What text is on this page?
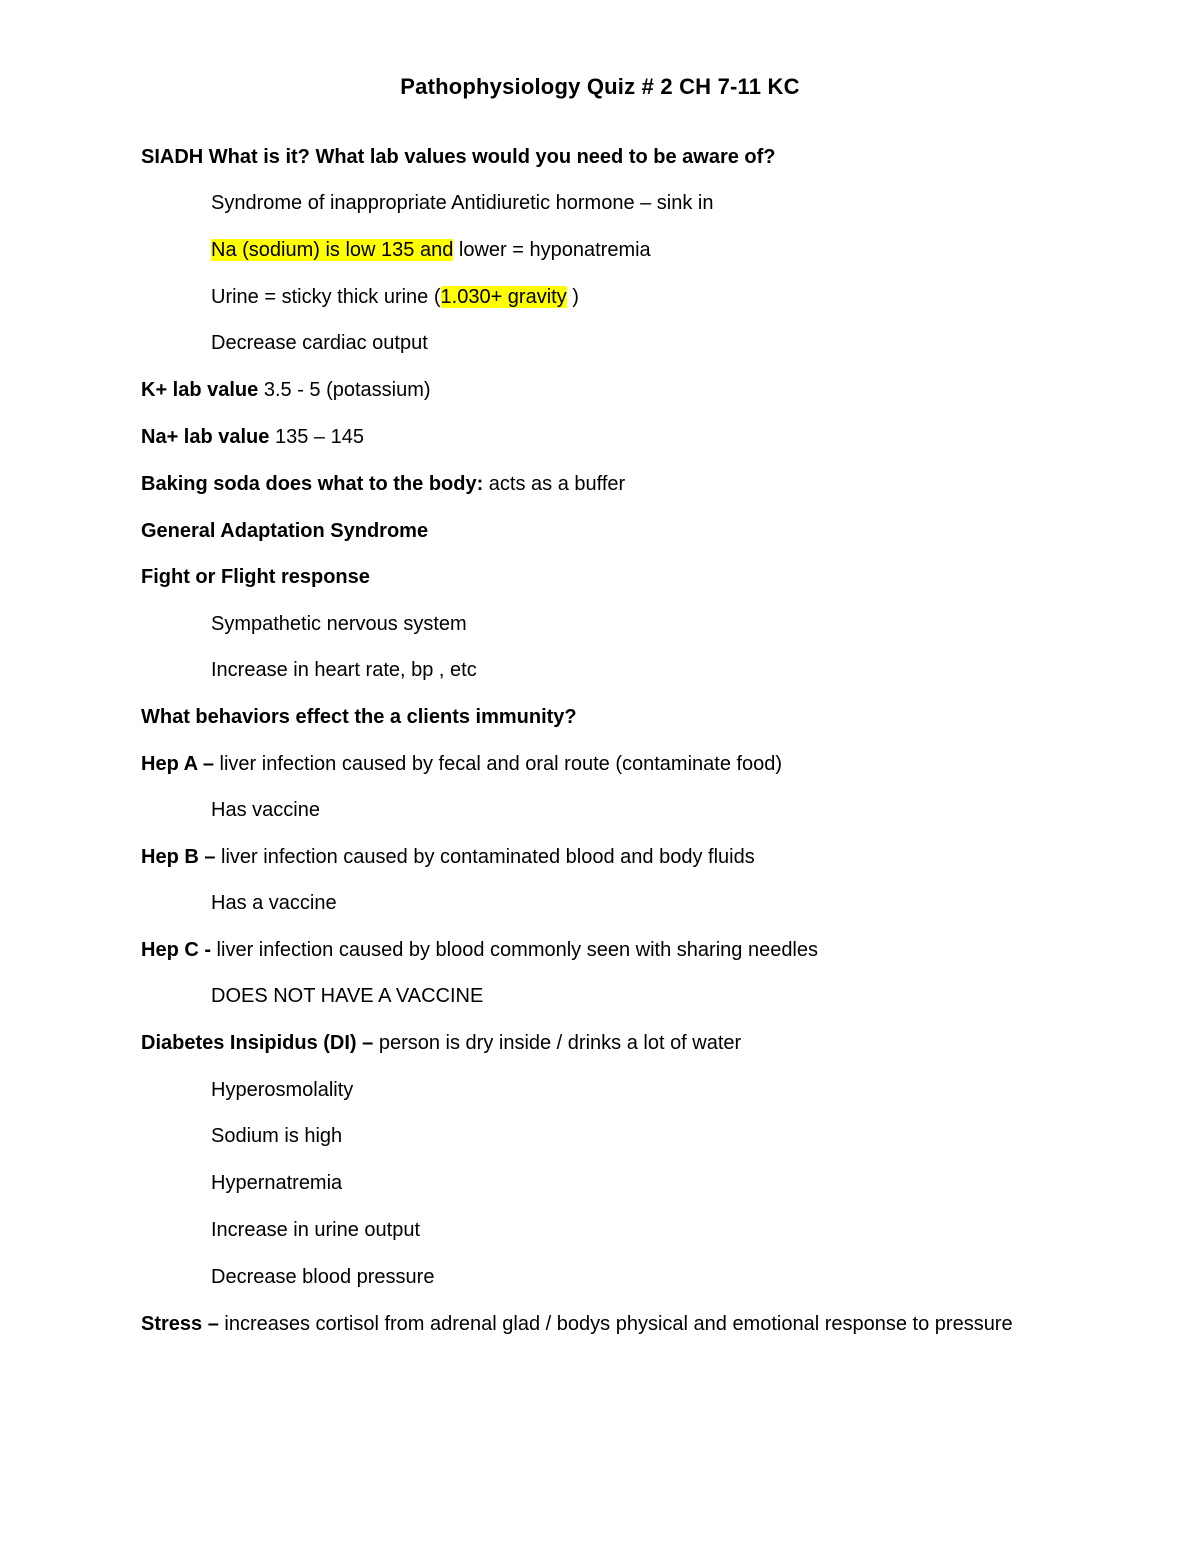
Pathophysiology Quiz # 2 CH 7-11 KC
SIADH What is it? What lab values would you need to be aware of?
Syndrome of inappropriate Antidiuretic hormone – sink in
Na (sodium) is low 135 and lower = hyponatremia
Urine = sticky thick urine (1.030+ gravity )
Decrease cardiac output
K+ lab value 3.5 - 5 (potassium)
Na+ lab value 135 – 145
Baking soda does what to the body: acts as a buffer
General Adaptation Syndrome
Fight or Flight response
Sympathetic nervous system
Increase in heart rate, bp , etc
What behaviors effect the a clients immunity?
Hep A – liver infection caused by fecal and oral route (contaminate food)
Has vaccine
Hep B – liver infection caused by contaminated blood and body fluids
Has a vaccine
Hep C - liver infection caused by blood commonly seen with sharing needles
DOES NOT HAVE A VACCINE
Diabetes Insipidus (DI) – person is dry inside / drinks a lot of water
Hyperosmolality
Sodium is high
Hypernatremia
Increase in urine output
Decrease blood pressure
Stress – increases cortisol from adrenal glad / bodys physical and emotional response to pressure
